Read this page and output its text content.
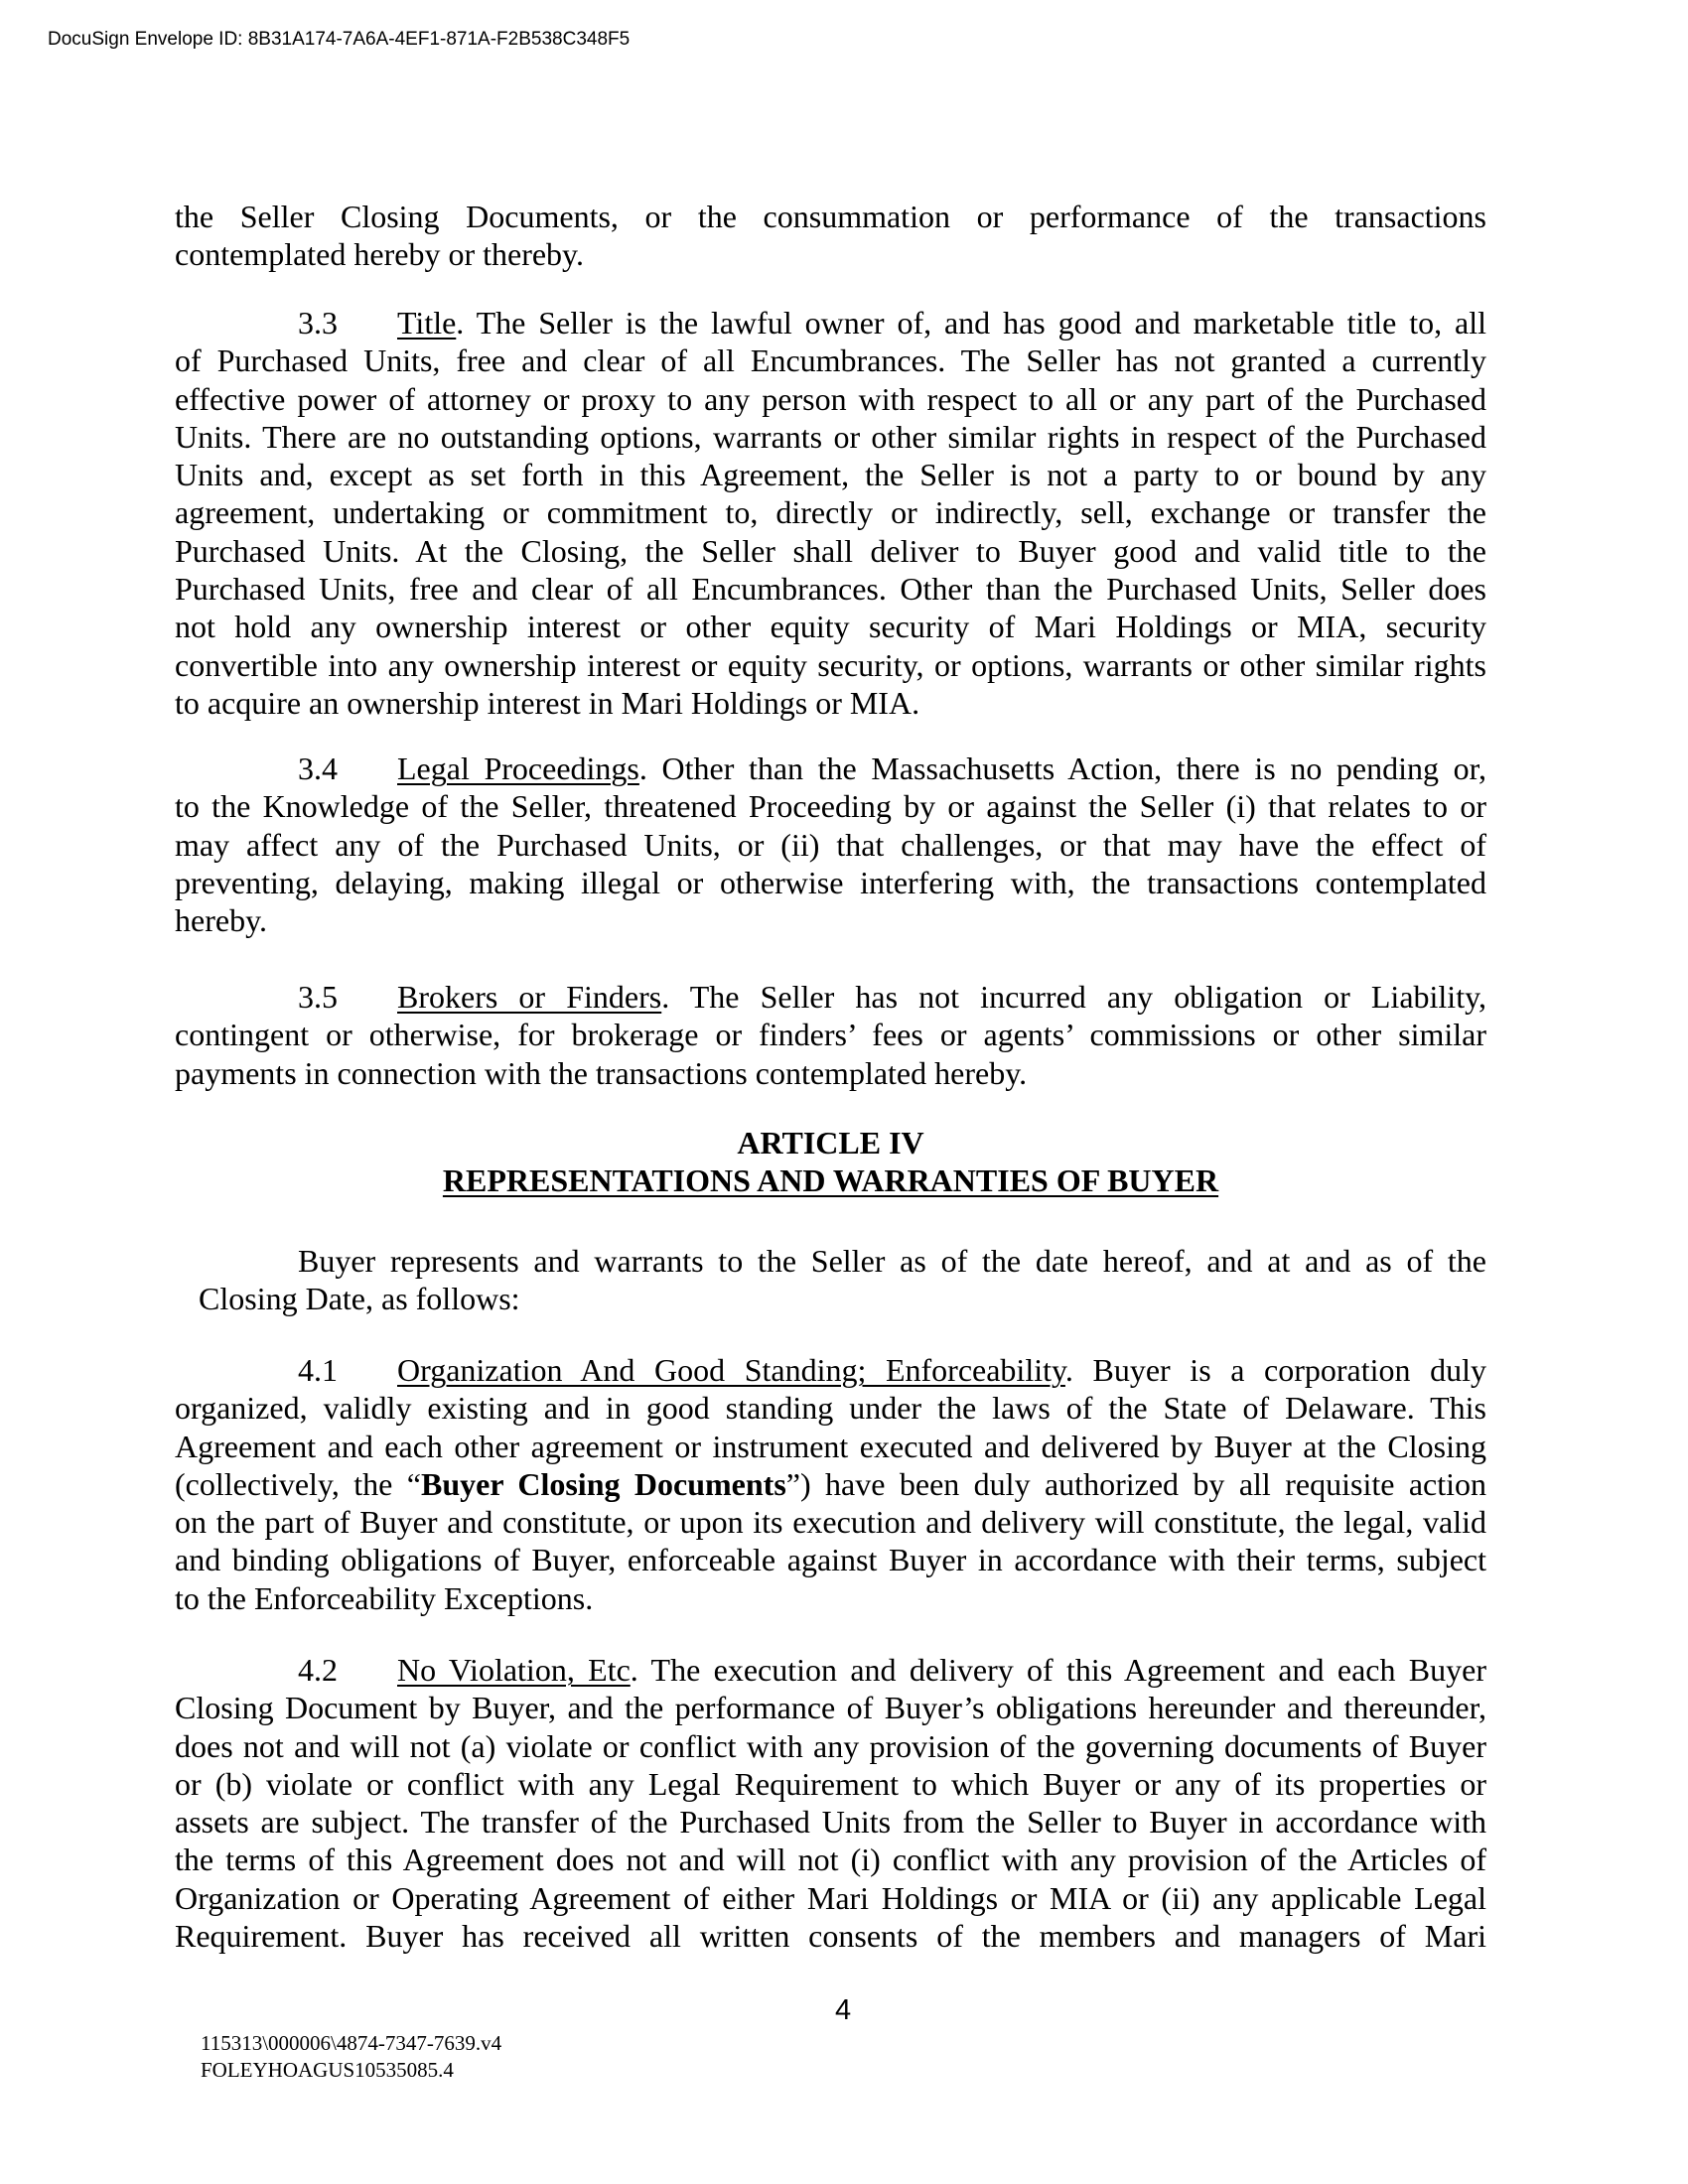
DocuSign Envelope ID: 8B31A174-7A6A-4EF1-871A-F2B538C348F5
the Seller Closing Documents, or the consummation or performance of the transactions
contemplated hereby or thereby.
3.3 Title. The Seller is the lawful owner of, and has good and marketable title to, all
of Purchased Units, free and clear of all Encumbrances. The Seller has not granted a currently
effective power of attorney or proxy to any person with respect to all or any part of the Purchased
Units. There are no outstanding options, warrants or other similar rights in respect of the Purchased
Units and, except as set forth in this Agreement, the Seller is not a party to or bound by any
agreement, undertaking or commitment to, directly or indirectly, sell, exchange or transfer the
Purchased Units. At the Closing, the Seller shall deliver to Buyer good and valid title to the
Purchased Units, free and clear of all Encumbrances. Other than the Purchased Units, Seller does
not hold any ownership interest or other equity security of Mari Holdings or MIA, security
convertible into any ownership interest or equity security, or options, warrants or other similar rights
to acquire an ownership interest in Mari Holdings or MIA.
3.4 Legal Proceedings. Other than the Massachusetts Action, there is no pending or,
to the Knowledge of the Seller, threatened Proceeding by or against the Seller (i) that relates to or
may affect any of the Purchased Units, or (ii) that challenges, or that may have the effect of
preventing, delaying, making illegal or otherwise interfering with, the transactions contemplated
hereby.
3.5 Brokers or Finders. The Seller has not incurred any obligation or Liability,
contingent or otherwise, for brokerage or finders’ fees or agents’ commissions or other similar
payments in connection with the transactions contemplated hereby.
ARTICLE IV
REPRESENTATIONS AND WARRANTIES OF BUYER
Buyer represents and warrants to the Seller as of the date hereof, and at and as of the
Closing Date, as follows:
4.1 Organization And Good Standing; Enforceability. Buyer is a corporation duly
organized, validly existing and in good standing under the laws of the State of Delaware. This
Agreement and each other agreement or instrument executed and delivered by Buyer at the Closing
(collectively, the “Buyer Closing Documents”) have been duly authorized by all requisite action
on the part of Buyer and constitute, or upon its execution and delivery will constitute, the legal, valid
and binding obligations of Buyer, enforceable against Buyer in accordance with their terms, subject
to the Enforceability Exceptions.
4.2 No Violation, Etc. The execution and delivery of this Agreement and each Buyer
Closing Document by Buyer, and the performance of Buyer’s obligations hereunder and thereunder,
does not and will not (a) violate or conflict with any provision of the governing documents of Buyer
or (b) violate or conflict with any Legal Requirement to which Buyer or any of its properties or
assets are subject. The transfer of the Purchased Units from the Seller to Buyer in accordance with
the terms of this Agreement does not and will not (i) conflict with any provision of the Articles of
Organization or Operating Agreement of either Mari Holdings or MIA or (ii) any applicable Legal
Requirement. Buyer has received all written consents of the members and managers of Mari
4
115313\000006\4874-7347-7639.v4
FOLEYHOAGUS10535085.4
